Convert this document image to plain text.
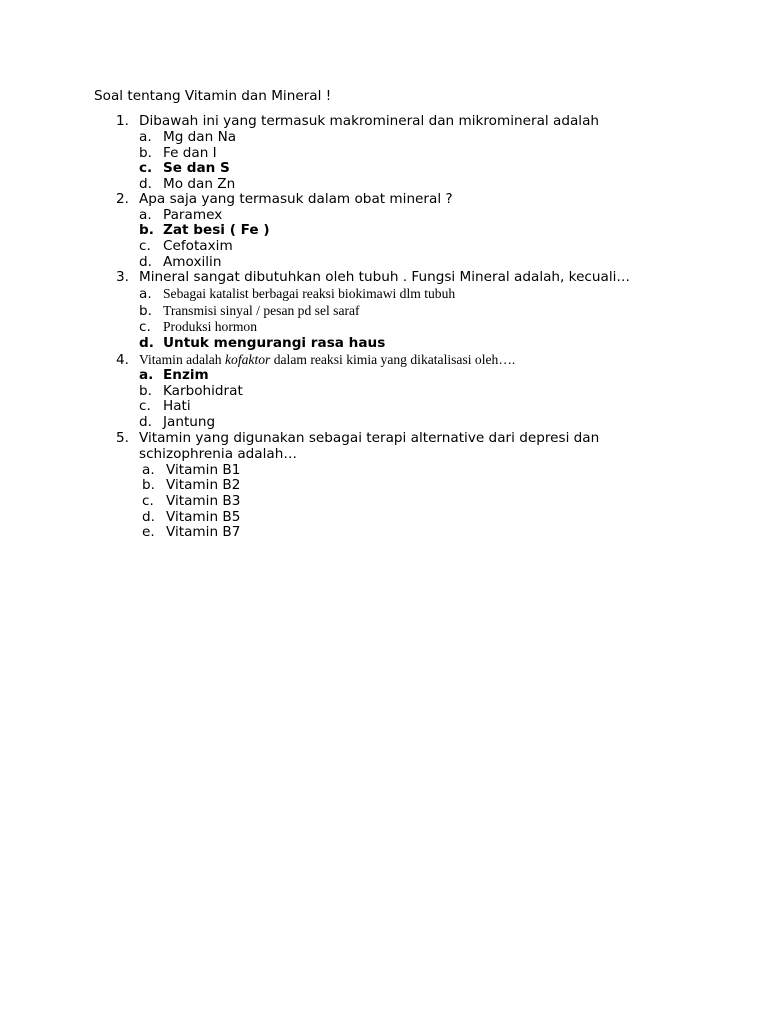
Soal tentang Vitamin dan Mineral !
1. Dibawah ini yang termasuk makromineral dan mikromineral adalah
a. Mg dan Na
b. Fe dan I
c. Se dan S
d. Mo dan Zn
2. Apa saja yang termasuk dalam obat mineral ?
a. Paramex
b. Zat besi ( Fe )
c. Cefotaxim
d. Amoxilin
3. Mineral sangat dibutuhkan oleh tubuh . Fungsi Mineral adalah, kecuali…
a. Sebagai katalist berbagai reaksi biokimawi dlm tubuh
b. Transmisi sinyal / pesan pd sel saraf
c. Produksi hormon
d. Untuk mengurangi rasa haus
4. Vitamin adalah kofaktor dalam reaksi kimia yang dikatalisasi oleh….
a. Enzim
b. Karbohidrat
c. Hati
d. Jantung
5. Vitamin yang digunakan sebagai terapi alternative dari depresi dan
schizophrenia adalah…
a. Vitamin B1
b. Vitamin B2
c. Vitamin B3
d. Vitamin B5
e. Vitamin B7
